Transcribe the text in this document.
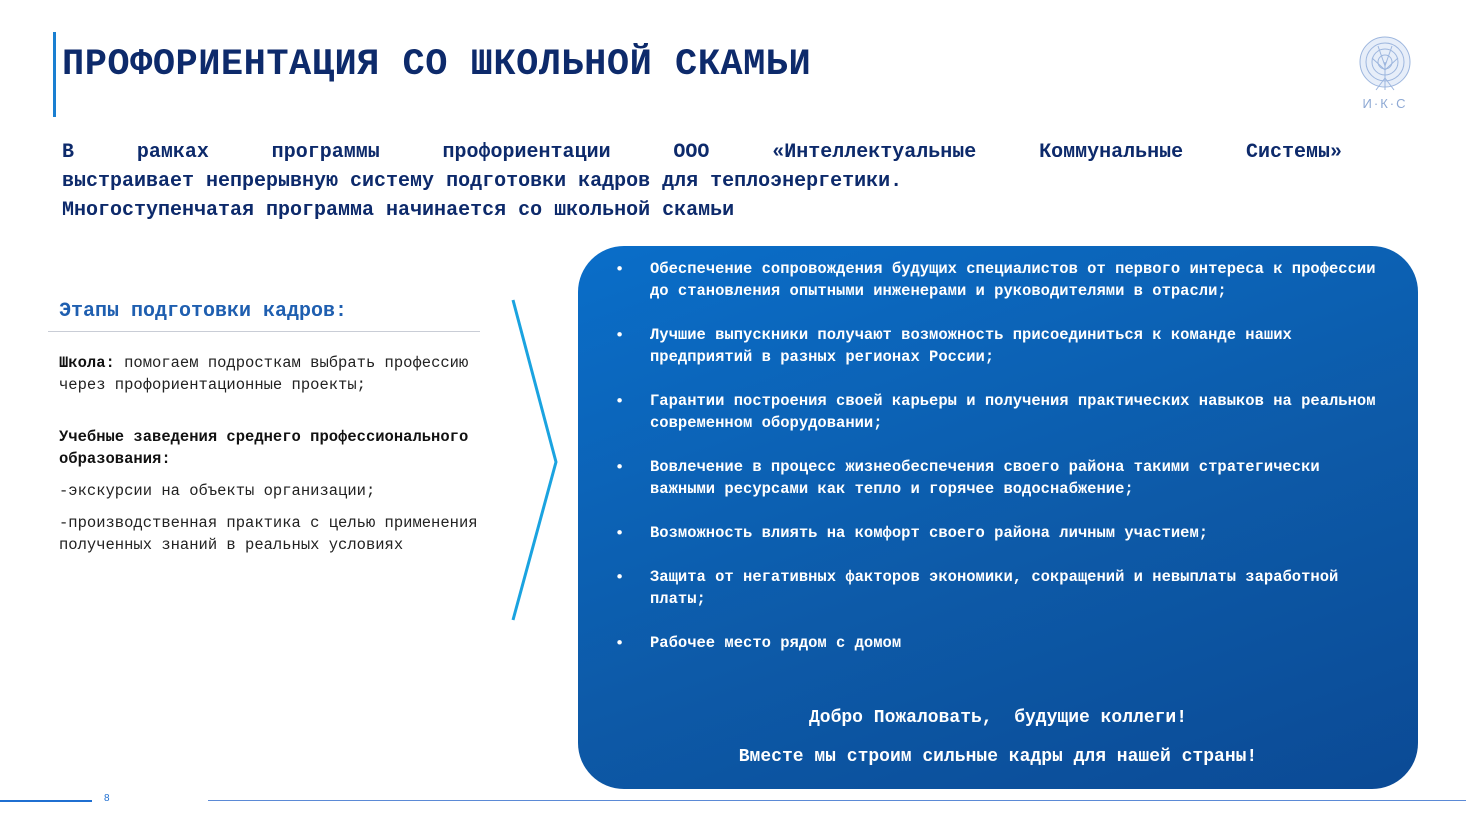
ПРОФОРИЕНТАЦИЯ СО ШКОЛЬНОЙ СКАМЬИ
И·К·С
В рамках программы профориентации ООО «Интеллектуальные Коммунальные Системы»
выстраивает непрерывную систему подготовки кадров для теплоэнергетики.
Многоступенчатая программа начинается со школьной скамьи
Этапы подготовки кадров:

Школа: помогаем подросткам выбрать профессию через профориентационные проекты;

Учебные заведения среднего профессионального образования:

-экскурсии на объекты организации;

-производственная практика с целью применения полученных знаний в реальных условиях

• Обеспечение сопровождения будущих специалистов от первого интереса к профессии до становления опытными инженерами и руководителями в отрасли;
• Лучшие выпускники получают возможность присоединиться к команде наших предприятий в разных регионах России;
• Гарантии построения своей карьеры и получения практических навыков на реальном современном оборудовании;
• Вовлечение в процесс жизнеобеспечения своего района такими стратегически важными ресурсами как тепло и горячее водоснабжение;
• Возможность влиять на комфорт своего района личным участием;
• Защита от негативных факторов экономики, сокращений и невыплаты заработной платы;
• Рабочее место рядом с домом

Добро Пожаловать,  будущие коллеги!

Вместе мы строим сильные кадры для нашей страны!

8
